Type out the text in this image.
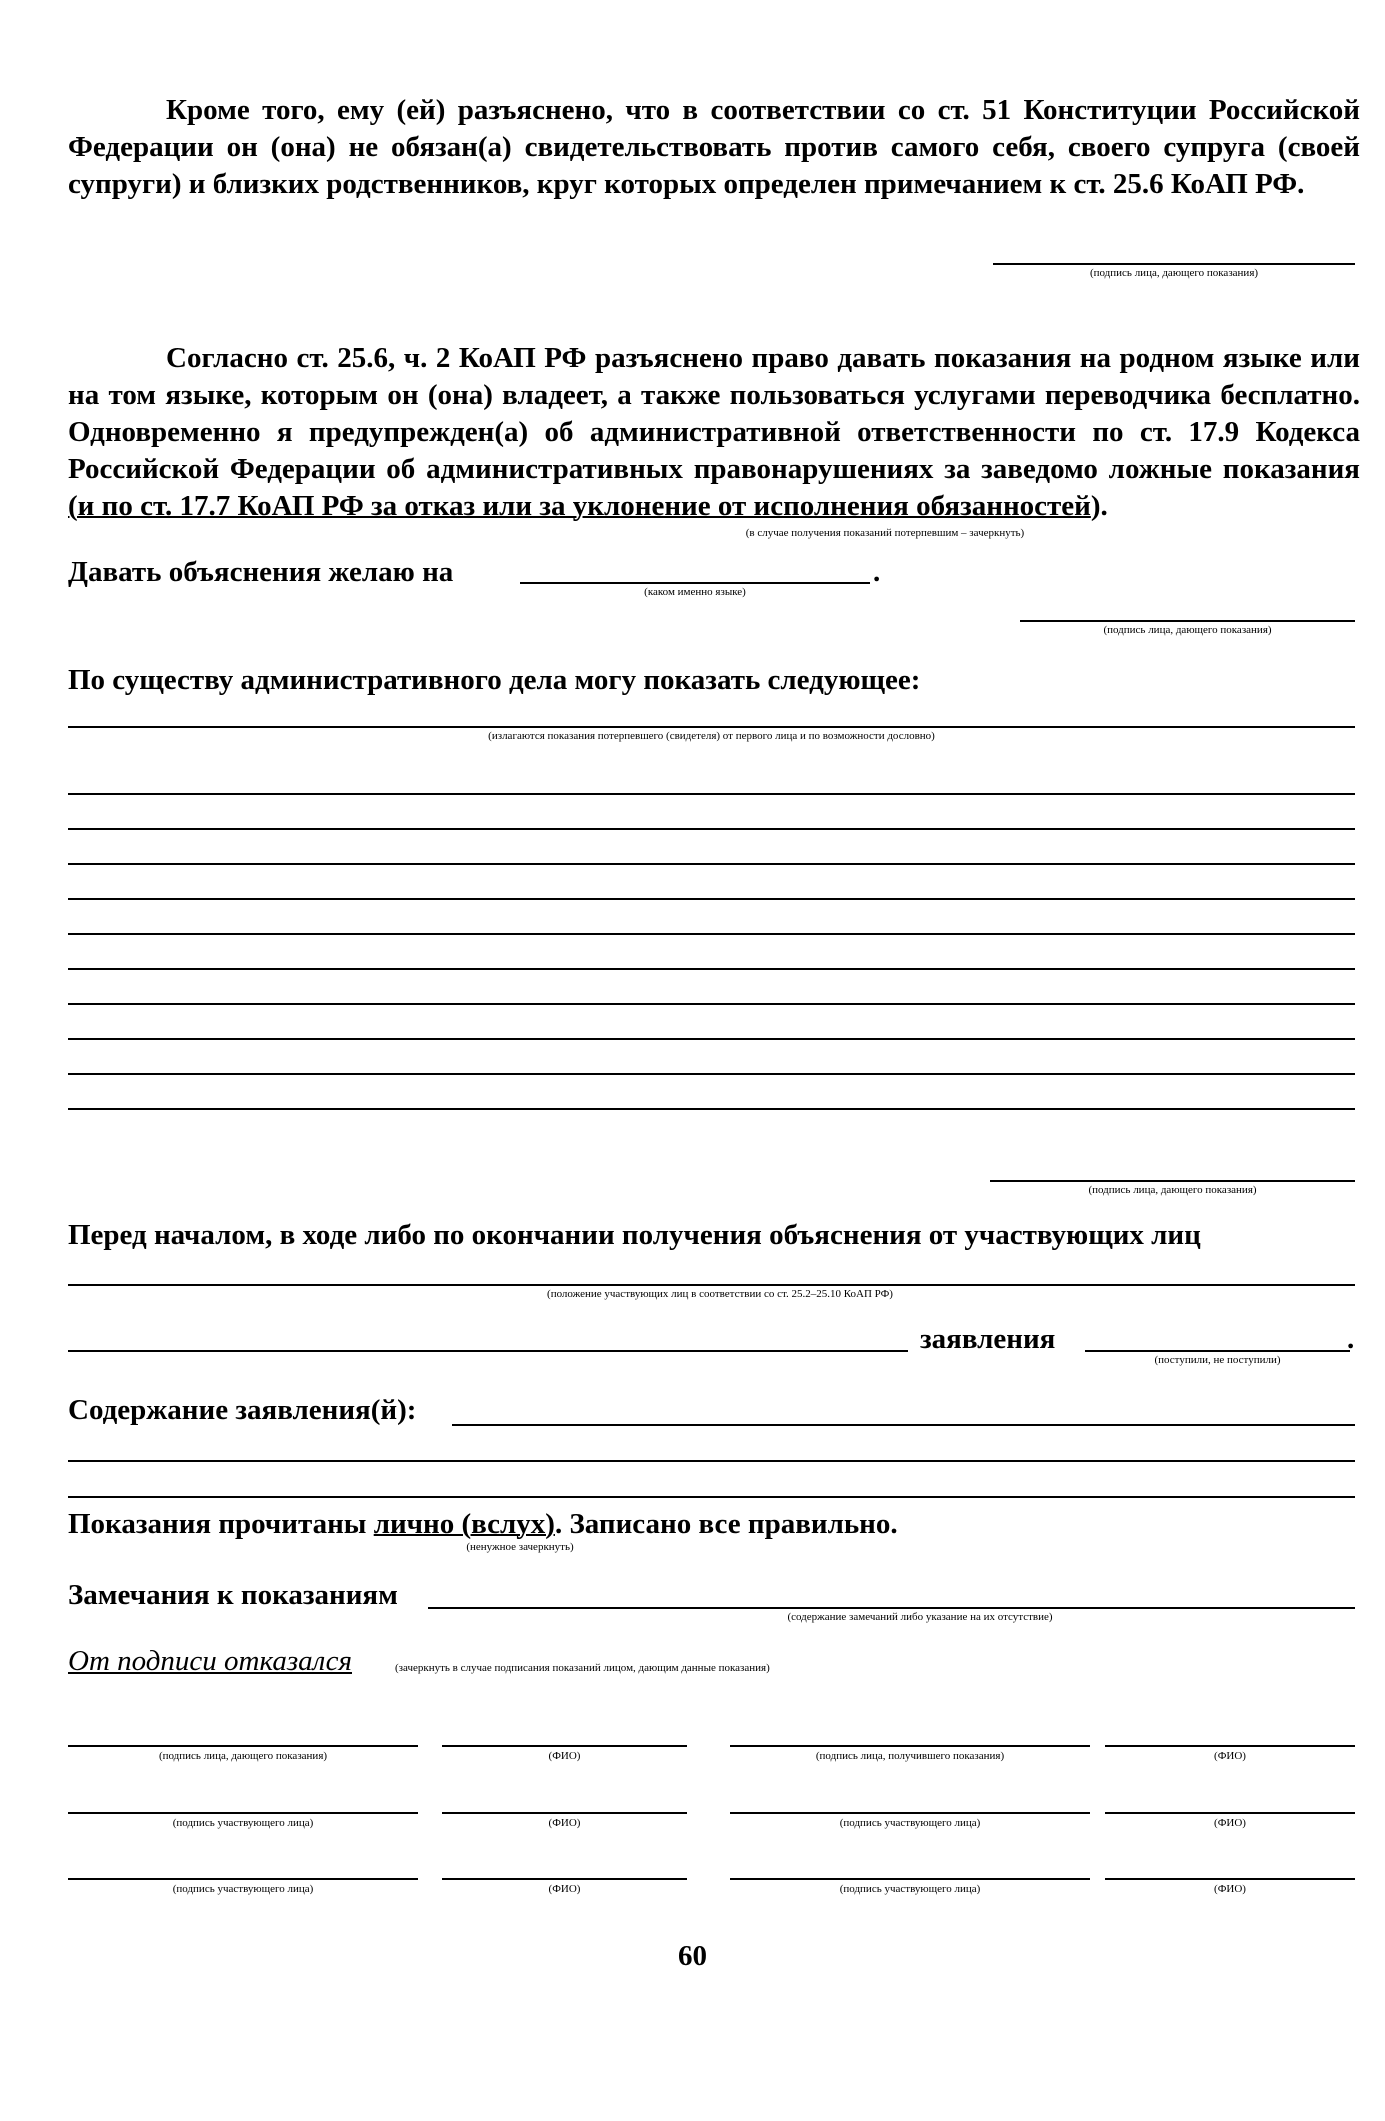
Кроме того, ему (ей) разъяснено, что в соответствии со ст. 51 Конституции Российской Федерации он (она) не обязан(а) свидетельствовать против самого себя, своего супруга (своей супруги) и близких родственников, круг которых определен примечанием к ст. 25.6 КоАП РФ.
(подпись лица, дающего показания)
Согласно ст. 25.6, ч. 2 КоАП РФ разъяснено право давать показания на родном языке или на том языке, которым он (она) владеет, а также пользоваться услугами переводчика бесплатно. Одновременно я предупрежден(а) об административной ответственности по ст. 17.9 Кодекса Российской Федерации об административных правонарушениях за заведомо ложные показания (и по ст. 17.7 КоАП РФ за отказ или за уклонение от исполнения обязанностей).
(в случае получения показаний потерпевшим – зачеркнуть)
Давать объяснения желаю на	.
(каком именно языке)
(подпись лица, дающего показания)
По существу административного дела могу показать следующее:
(излагаются показания потерпевшего (свидетеля) от первого лица и по возможности дословно)
(подпись лица, дающего показания)
Перед началом, в ходе либо по окончании получения объяснения от участвующих лиц
(положение участвующих лиц в соответствии со ст. 25.2–25.10 КоАП РФ)
заявления	.
(поступили, не поступили)
Содержание заявления(й):
Показания прочитаны лично (вслух). Записано все правильно.
(ненужное зачеркнуть)
Замечания к показаниям
(содержание замечаний либо указание на их отсутствие)
От подписи отказался	(зачеркнуть в случае подписания показаний лицом, дающим данные показания)
(подпись лица, дающего показания)	(ФИО)	(подпись лица, получившего показания)	(ФИО)
(подпись участвующего лица)	(ФИО)	(подпись участвующего лица)	(ФИО)
(подпись участвующего лица)	(ФИО)	(подпись участвующего лица)	(ФИО)
60
